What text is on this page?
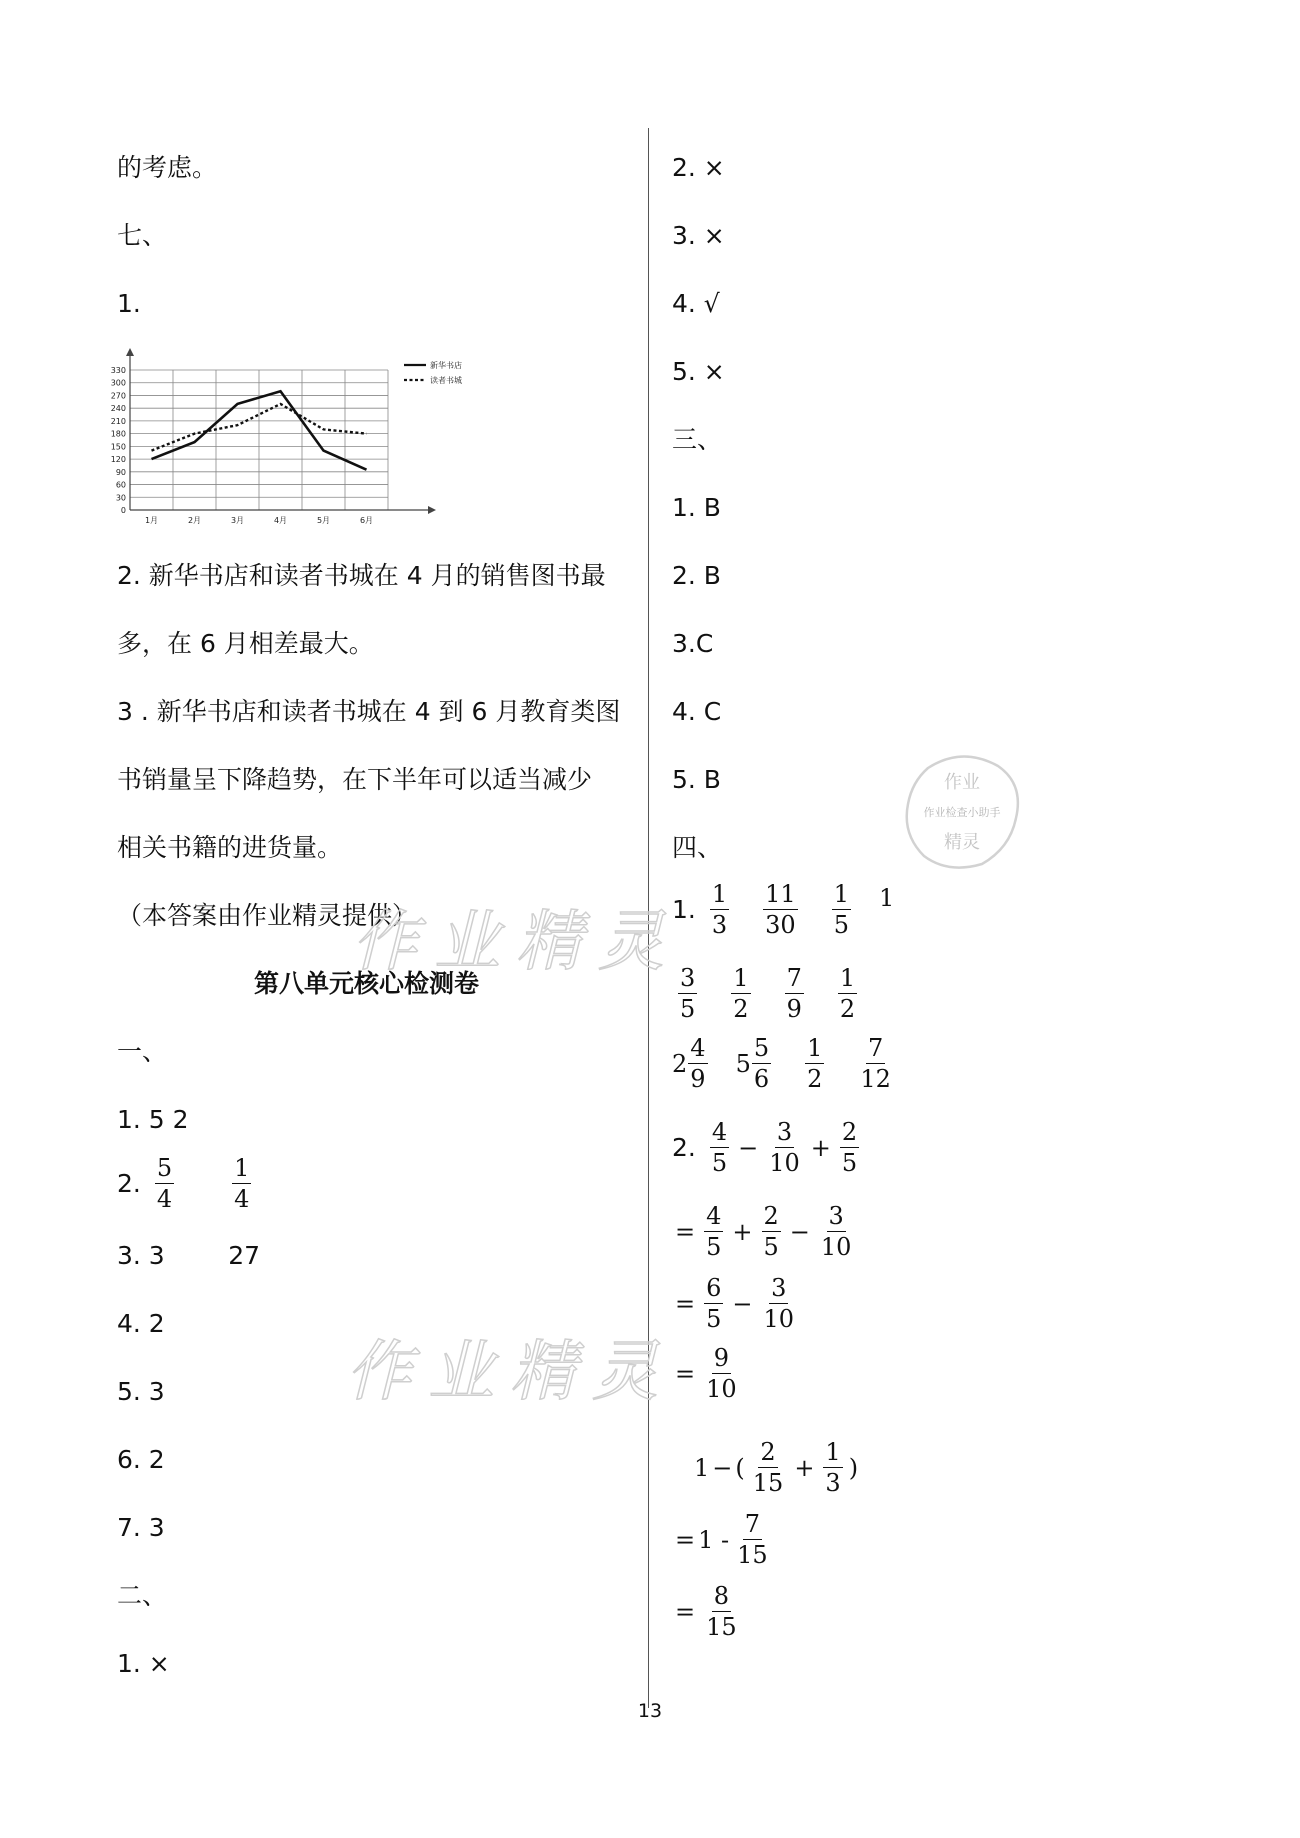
的考虑。
七、
1.
0
30
60
90
120
150
180
210
240
270
300
330
1月	2月	3月	4月	5月	6月
新华书店
读者书城
2. 新华书店和读者书城在 4 月的销售图书最
多，在 6 月相差最大。
3 . 新华书店和读者书城在 4 到 6 月教育类图
书销量呈下降趋势，在下半年可以适当减少
相关书籍的进货量。
（本答案由作业精灵提供）
第八单元核心检测卷
一、
1. 5 2
2. $\frac{5}{4} \frac{1}{4}$
3. 3        27
4. 2
5. 3
6. 2
7. 3
二、
1. ×
2. ×
3. ×
4. √
5. ×
三、
1. B
2. B
3.C
4. C
5. B
四、
1. $\frac{1}{3} \frac{11}{30} \frac{1}{5} 1$
$\frac{3}{5} \frac{1}{2} \frac{7}{9} \frac{1}{2}$
$2 \frac{4}{9} 5 \frac{5}{6} \frac{1}{2} \frac{7}{12}$
2. $\frac{4}{5} - \frac{3}{10} + \frac{2}{5}$
= $\frac{4}{5} + \frac{2}{5} - \frac{3}{10}$
= $\frac{6}{5} - \frac{3}{10}$
= $\frac{9}{10}$
1 − ( $\frac{2}{15} + \frac{1}{3}$ )
= $1 - \frac{7}{15}$
= $\frac{8}{15}$
作业精灵
作业精灵
作业
作业检查小助手
精灵
13
